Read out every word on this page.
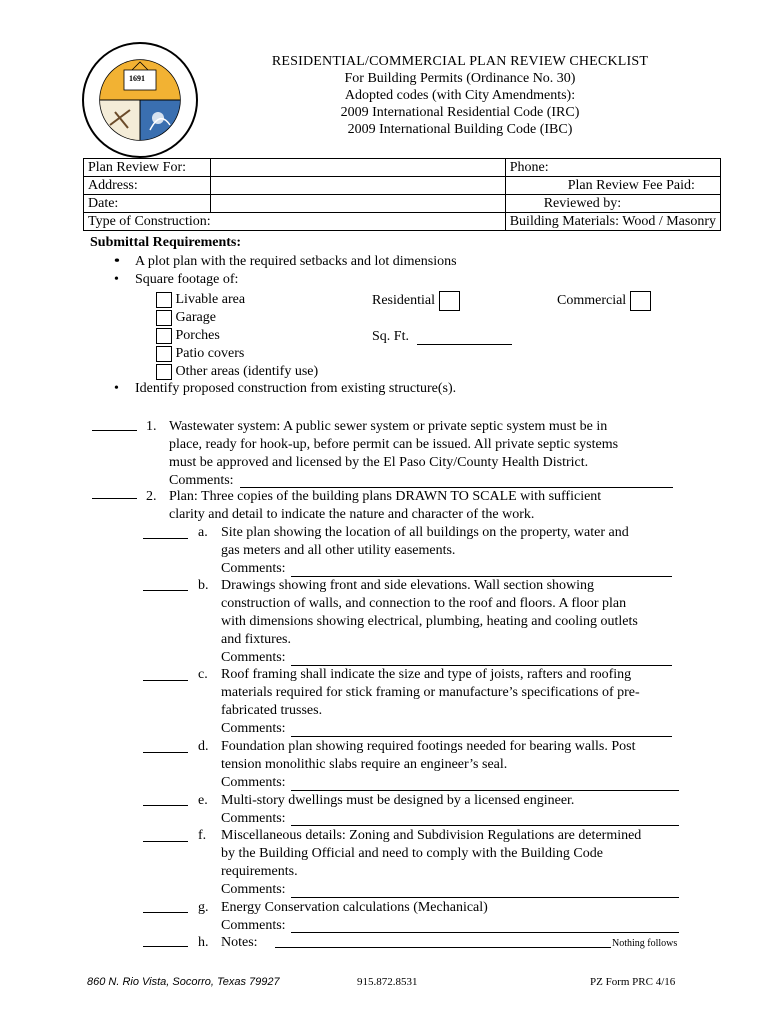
1691
RESIDENTIAL/COMMERCIAL PLAN REVIEW CHECKLIST
For Building Permits (Ordinance No. 30)
Adopted codes (with City Amendments):
2009 International Residential Code (IRC)
2009 International Building Code (IBC)
Plan Review For:		Phone:
Address:		Plan Review Fee Paid:
Date:		Reviewed by:
Type of Construction:		Building Materials: Wood / Masonry
Submittal Requirements:
A plot plan with the required setbacks and lot dimensions
•
• Square footage of:
Livable area
Garage
Porches
Patio covers
Other areas (identify use)
Residential	Commercial
Sq. Ft.
• Identify proposed construction from existing structure(s).
1. Wastewater system: A public sewer system or private septic system must be in
place, ready for hook-up, before permit can be issued. All private septic systems
must be approved and licensed by the El Paso City/County Health District.
Comments:
2. Plan: Three copies of the building plans DRAWN TO SCALE with sufficient
clarity and detail to indicate the nature and character of the work.
a. Site plan showing the location of all buildings on the property, water and
gas meters and all other utility easements.
Comments:
b. Drawings showing front and side elevations. Wall section showing
construction of walls, and connection to the roof and floors. A floor plan
with dimensions showing electrical, plumbing, heating and cooling outlets
and fixtures.
Comments:
c. Roof framing shall indicate the size and type of joists, rafters and roofing
materials required for stick framing or manufacture’s specifications of pre-
fabricated trusses.
Comments:
d. Foundation plan showing required footings needed for bearing walls. Post
tension monolithic slabs require an engineer’s seal.
Comments:
e. Multi-story dwellings must be designed by a licensed engineer.
Comments:
f. Miscellaneous details: Zoning and Subdivision Regulations are determined
by the Building Official and need to comply with the Building Code
requirements.
Comments:
g. Energy Conservation calculations (Mechanical)
Comments:
h. Notes:	Nothing follows
860 N. Rio Vista, Socorro, Texas 79927	915.872.8531	PZ Form PRC 4/16
